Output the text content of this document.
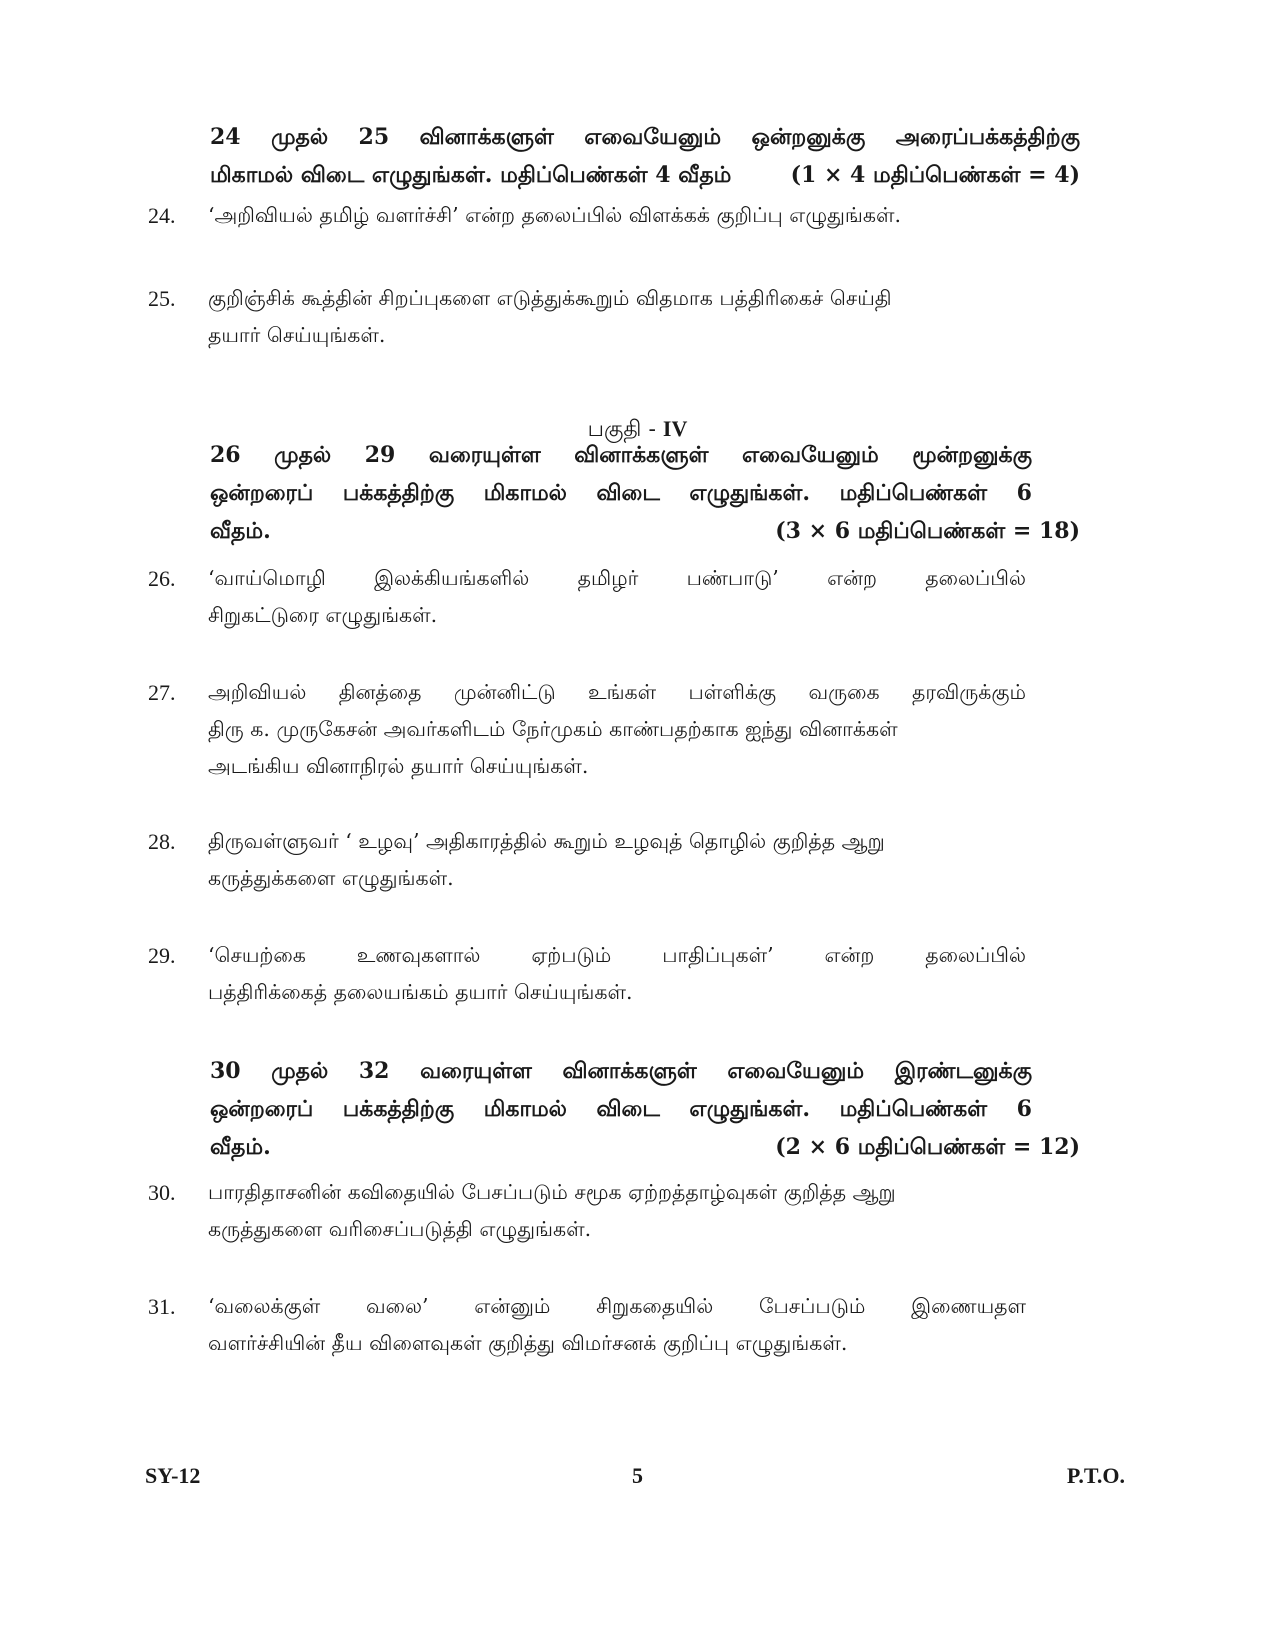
24 முதல் 25 வினாக்களுள் எவையேனும் ஒன்றனுக்கு அரைப்பக்கத்திற்கு
மிகாமல் விடை எழுதுங்கள். மதிப்பெண்கள் 4 வீதம்	(1 × 4 மதிப்பெண்கள் = 4)
24.	‘அறிவியல் தமிழ் வளர்ச்சி’ என்ற தலைப்பில் விளக்கக் குறிப்பு எழுதுங்கள்.
25.	குறிஞ்சிக் கூத்தின் சிறப்புகளை எடுத்துக்கூறும் விதமாக பத்திரிகைச் செய்தி
தயார் செய்யுங்கள்.
பகுதி - IV
26 முதல் 29 வரையுள்ள வினாக்களுள் எவையேனும் மூன்றனுக்கு
ஒன்றரைப் பக்கத்திற்கு மிகாமல் விடை எழுதுங்கள். மதிப்பெண்கள் 6
வீதம்.	(3 × 6 மதிப்பெண்கள் = 18)
26.	‘வாய்மொழி இலக்கியங்களில் தமிழர் பண்பாடு’ என்ற தலைப்பில்
சிறுகட்டுரை எழுதுங்கள்.
27.	அறிவியல் தினத்தை முன்னிட்டு உங்கள் பள்ளிக்கு வருகை தரவிருக்கும்
திரு க. முருகேசன் அவர்களிடம் நேர்முகம் காண்பதற்காக ஐந்து வினாக்கள்
அடங்கிய வினாநிரல் தயார் செய்யுங்கள்.
28.	திருவள்ளுவர் ‘ உழவு’ அதிகாரத்தில் கூறும் உழவுத் தொழில் குறித்த ஆறு
கருத்துக்களை எழுதுங்கள்.
29.	‘செயற்கை உணவுகளால் ஏற்படும் பாதிப்புகள்’ என்ற தலைப்பில்
பத்திரிக்கைத் தலையங்கம் தயார் செய்யுங்கள்.
30 முதல் 32 வரையுள்ள வினாக்களுள் எவையேனும் இரண்டனுக்கு
ஒன்றரைப் பக்கத்திற்கு மிகாமல் விடை எழுதுங்கள். மதிப்பெண்கள் 6
வீதம்.	(2 × 6 மதிப்பெண்கள் = 12)
30.	பாரதிதாசனின் கவிதையில் பேசப்படும் சமூக ஏற்றத்தாழ்வுகள் குறித்த ஆறு
கருத்துகளை வரிசைப்படுத்தி எழுதுங்கள்.
31.	‘வலைக்குள் வலை’ என்னும் சிறுகதையில் பேசப்படும் இணையதள
வளர்ச்சியின் தீய விளைவுகள் குறித்து விமர்சனக் குறிப்பு எழுதுங்கள்.
SY-12	5	P.T.O.
